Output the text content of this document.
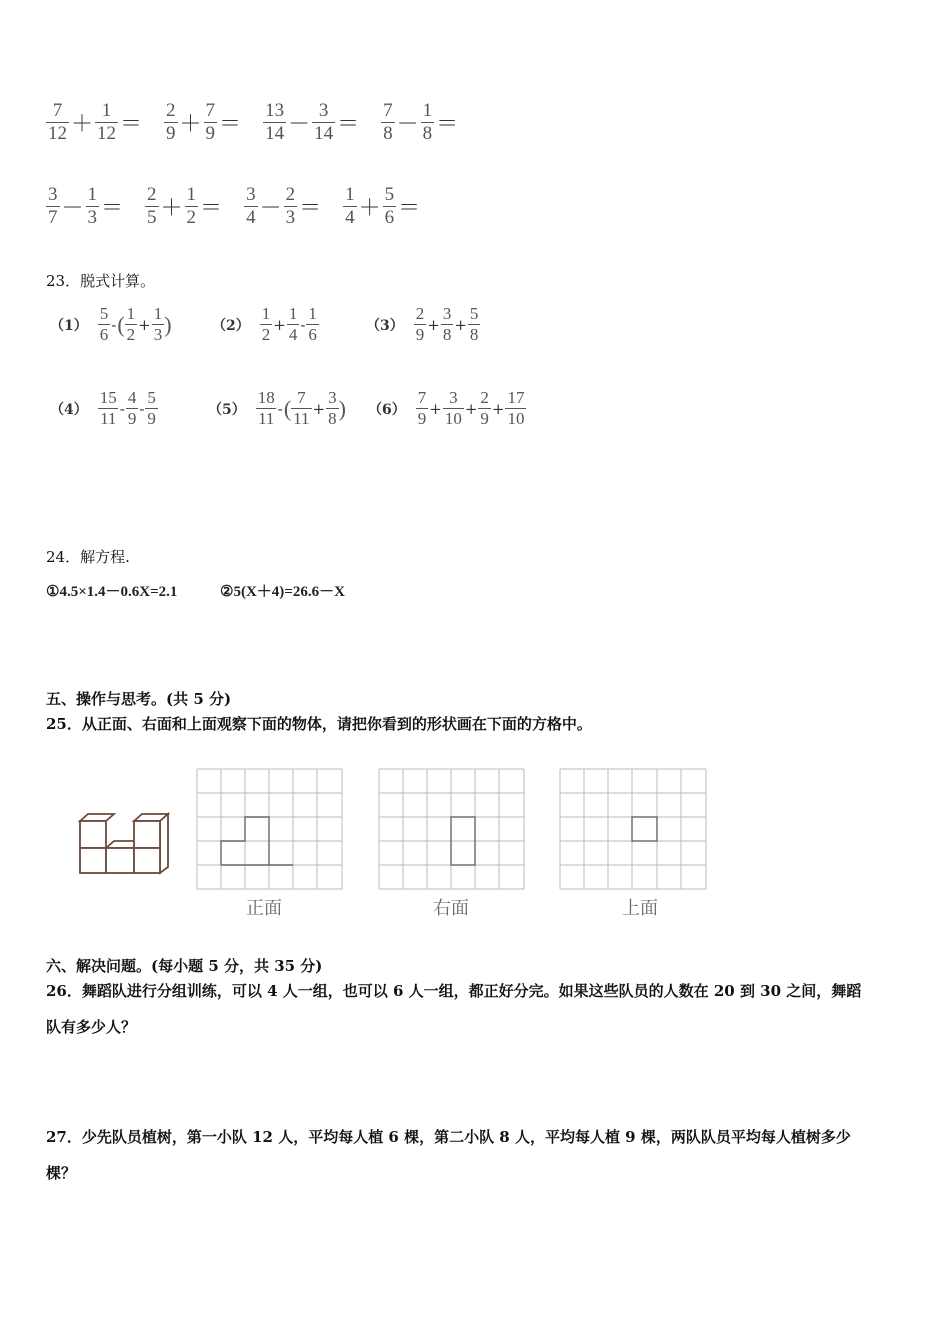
$\frac{7}{12} + \frac{1}{12} = \frac{2}{9} + \frac{7}{9} = \frac{13}{14} - \frac{3}{14} = \frac{7}{8} - \frac{1}{8}$ ＝
$\frac{3}{7} - \frac{1}{3} = \frac{2}{5} + \frac{1}{2} = \frac{3}{4} - \frac{2}{3} = \frac{1}{4} + \frac{5}{6}$ ＝
23．脱式计算。
$(1) \frac{5}{6}$ - ( $\frac{1}{2} + \frac{1}{3}$ )	$(2) \frac{1}{2} + \frac{1}{4} - \frac{1}{6}$	$(3) \frac{2}{9} + \frac{3}{8} + \frac{5}{8}$
$(4) \frac{15}{11} - \frac{4}{9} - \frac{5}{9}$	$(5) \frac{18}{11}$ - ( $\frac{7}{11} + \frac{3}{8}$ ) $(6) \frac{7}{9} + \frac{3}{10} + \frac{2}{9} + \frac{17}{10}$
24．解方程.
①4.5×1.4－0.6X=2.1	②5(X＋4)=26.6－X
五、操作与思考。(共 5 分)
25．从正面、右面和上面观察下面的物体，请把你看到的形状画在下面的方格中。
正面	右面	上面
六、解决问题。(每小题 5 分，共 35 分)
26．舞蹈队进行分组训练，可以 4 人一组，也可以 6 人一组，都正好分完。如果这些队员的人数在 20 到 30 之间，舞蹈
队有多少人？
27．少先队员植树，第一小队 12 人，平均每人植 6 棵，第二小队 8 人，平均每人植 9 棵，两队队员平均每人植树多少
棵？
